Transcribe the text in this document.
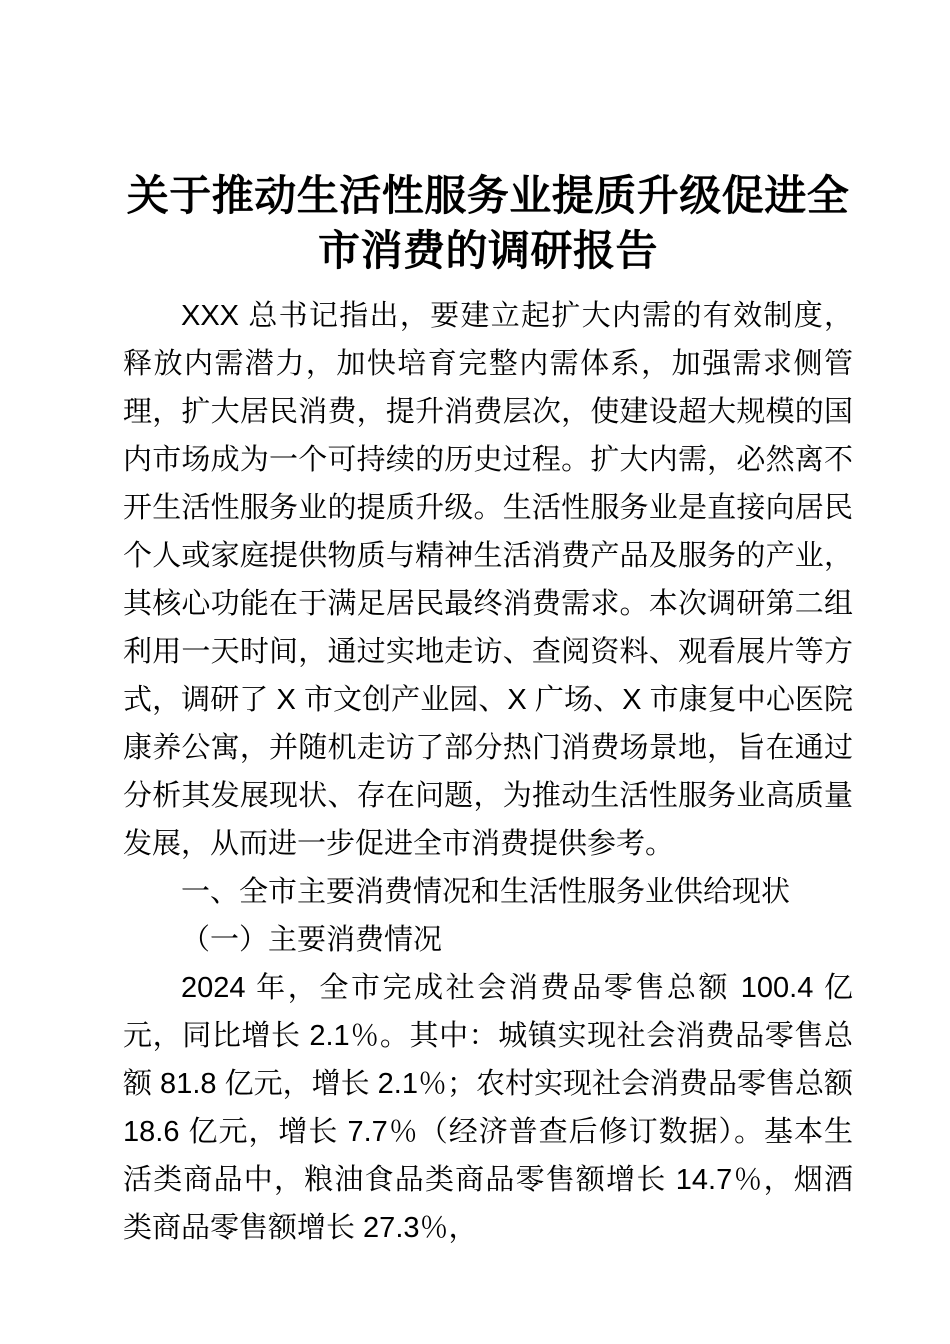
关于推动生活性服务业提质升级促进全市消费的调研报告

XXX 总书记指出，要建立起扩大内需的有效制度，释放内需潜力，加快培育完整内需体系，加强需求侧管理，扩大居民消费，提升消费层次，使建设超大规模的国内市场成为一个可持续的历史过程。扩大内需，必然离不开生活性服务业的提质升级。生活性服务业是直接向居民个人或家庭提供物质与精神生活消费产品及服务的产业，其核心功能在于满足居民最终消费需求。本次调研第二组利用一天时间，通过实地走访、查阅资料、观看展片等方式，调研了 X 市文创产业园、X 广场、X 市康复中心医院康养公寓，并随机走访了部分热门消费场景地，旨在通过分析其发展现状、存在问题，为推动生活性服务业高质量发展，从而进一步促进全市消费提供参考。

一、全市主要消费情况和生活性服务业供给现状

（一）主要消费情况

2024 年，全市完成社会消费品零售总额 100.4 亿元，同比增长 2.1％。其中：城镇实现社会消费品零售总额 81.8 亿元，增长 2.1％；农村实现社会消费品零售总额 18.6 亿元，增长 7.7％（经济普查后修订数据）。基本生活类商品中，粮油食品类商品零售额增长 14.7％，烟酒类商品零售额增长 27.3％，
